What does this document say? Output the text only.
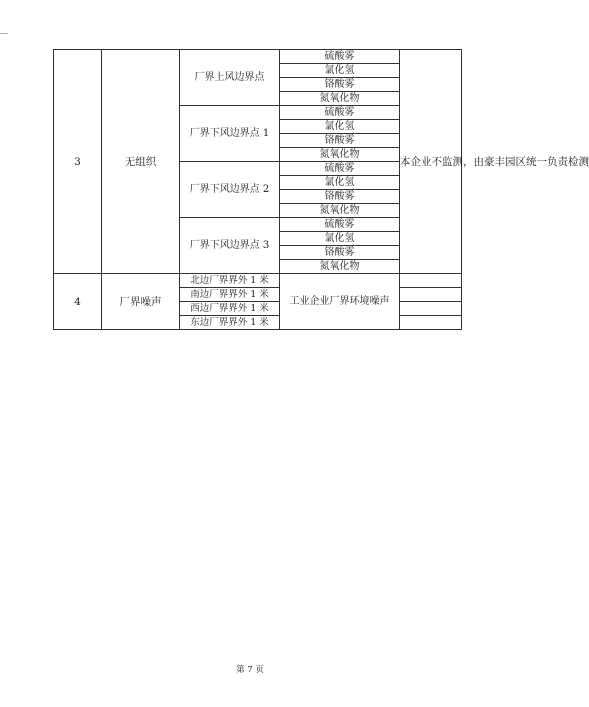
3	无组织	厂界上风边界点	硫酸雾	本企业不监测，由豪丰园区统一负责检测
			氯化氢	
			铬酸雾	
			氮氧化物	
		厂界下风边界点 1	硫酸雾	
			氯化氢	
			铬酸雾	
			氮氧化物	
		厂界下风边界点 2	硫酸雾	
			氯化氢	
			铬酸雾	
			氮氧化物	
		厂界下风边界点 3	硫酸雾	
			氯化氢	
			铬酸雾	
			氮氧化物	
4	厂界噪声	北边厂界界外 1 米	工业企业厂界环境噪声	
		南边厂界界外 1 米		
		西边厂界界外 1 米		
		东边厂界界外 1 米		
第 7 页
